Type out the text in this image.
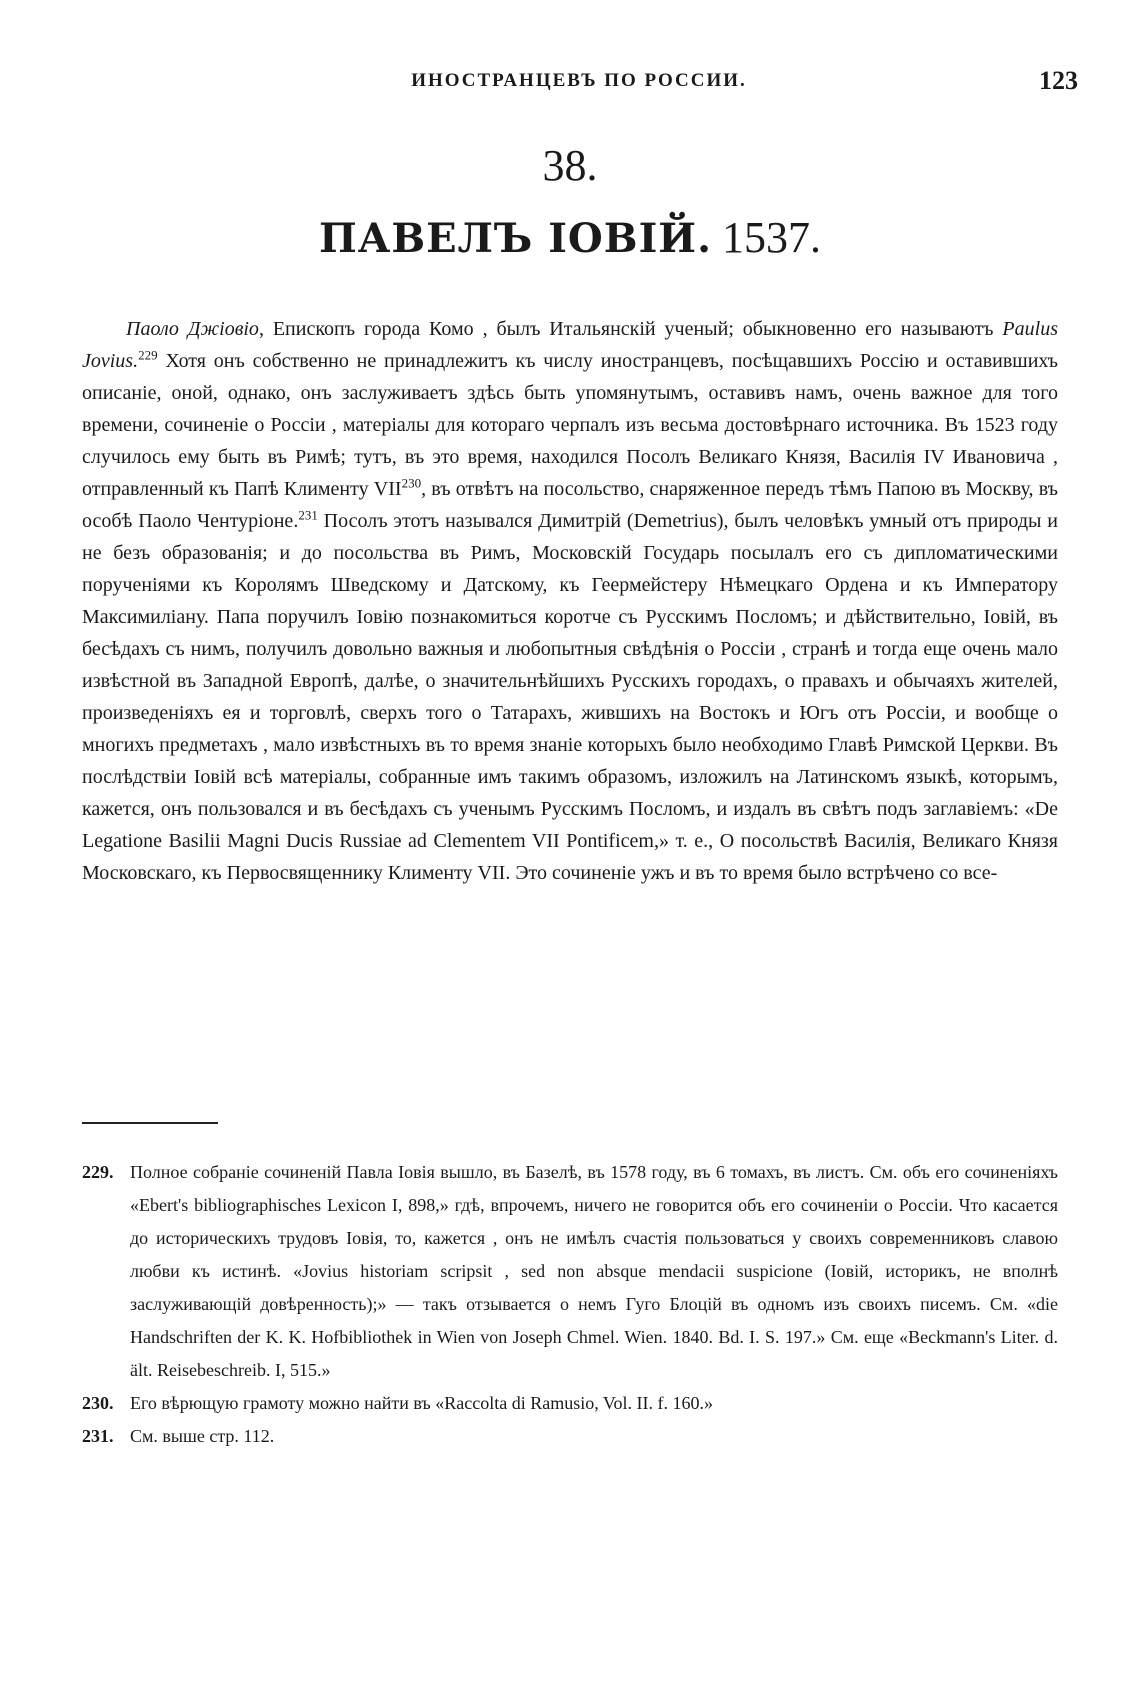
ИНОСТРАНЦЕВЪ ПО РОССИИ.	123
38.
ПАВЕЛЪ ІОВІЙ. 1537.

Паоло Джіовіо, Епископъ города Комо , былъ Итальянскій ученый; обыкновенно его называютъ Paulus Jovius.$^{229}$ Хотя онъ собственно не принадлежитъ къ числу иностранцевъ, посѣщавшихъ Россію и оставившихъ описаніе, оной, однако, онъ заслуживаетъ здѣсь быть упомянутымъ, оставивъ намъ, очень важное для того времени, сочиненіе о Россіи , матеріалы для котораго черпалъ изъ весьма достовѣрнаго источника. Въ 1523 году случилось ему быть въ Римѣ; тутъ, въ это время, находился Посолъ Великаго Князя, Василія IV Ивановича , отправленный къ Папѣ Клименту VII$^{230}$, въ отвѣтъ на посольство, снаряженное передъ тѣмъ Папою въ Москву, въ особѣ Паоло Чентуріоне.$^{231}$ Посолъ этотъ назывался Димитрій (Demetrius), былъ человѣкъ умный отъ природы и не безъ образованія; и до посольства въ Римъ, Московскій Государь посылалъ его съ дипломатическими порученіями къ Королямъ Шведскому и Датскому, къ Геермейстеру Нѣмецкаго Ордена и къ Императору Максимиліану. Папа поручилъ Іовію познакомиться коротче съ Русскимъ Посломъ; и дѣйствительно, Іовій, въ бесѣдахъ съ нимъ, получилъ довольно важныя и любопытныя свѣдѣнія о Россіи , странѣ и тогда еще очень мало извѣстной въ Западной Европѣ, далѣе, о значительнѣйшихъ Русскихъ городахъ, о правахъ и обычаяхъ жителей, произведеніяхъ ея и торговлѣ, сверхъ того о Татарахъ, жившихъ на Востокъ и Югъ отъ Россіи, и вообще о многихъ предметахъ , мало извѣстныхъ въ то время знаніе которыхъ было необходимо Главѣ Римской Церкви. Въ послѣдствіи Іовій всѣ матеріалы, собранные имъ такимъ образомъ, изложилъ на Латинскомъ языкѣ, которымъ, кажется, онъ пользовался и въ бесѣдахъ съ ученымъ Русскимъ Посломъ, и издалъ въ свѣтъ подъ заглавіемъ: «De Legatione Basilii Magni Ducis Russiae ad Clementem VII Pontificem,» т. е., О посольствѣ Василія, Великаго Князя Московскаго, къ Первосвященнику Клименту VII. Это сочиненіе ужъ и въ то время было встрѣчено со все-

229. Полное собраніе сочиненій Павла Іовія вышло, въ Базелѣ, въ 1578 году, въ 6 томахъ, въ листъ. См. объ его сочиненіяхъ «Ebert's bibliographisches Lexicon I, 898,» гдѣ, впрочемъ, ничего не говорится объ его сочиненіи о Россіи. Что касается до историческихъ трудовъ Іовія, то, кажется , онъ не имѣлъ счастія пользоваться у своихъ современниковъ славою любви къ истинѣ. «Jovius historiam scripsit , sed non absque mendacii suspicione (Іовій, историкъ, не вполнѣ заслуживающій довѣренность);» — такъ отзывается о немъ Гуго Блоцій въ одномъ изъ своихъ писемъ. См. «die Handschriften der K. K. Hofbibliothek in Wien von Joseph Chmel. Wien. 1840. Bd. I. S. 197.» См. еще «Beckmann's Liter. d. ält. Reisebeschreib. I, 515.»

230. Его вѣрющую грамоту можно найти въ «Raccolta di Ramusio, Vol. II. f. 160.»

231. См. выше стр. 112.
